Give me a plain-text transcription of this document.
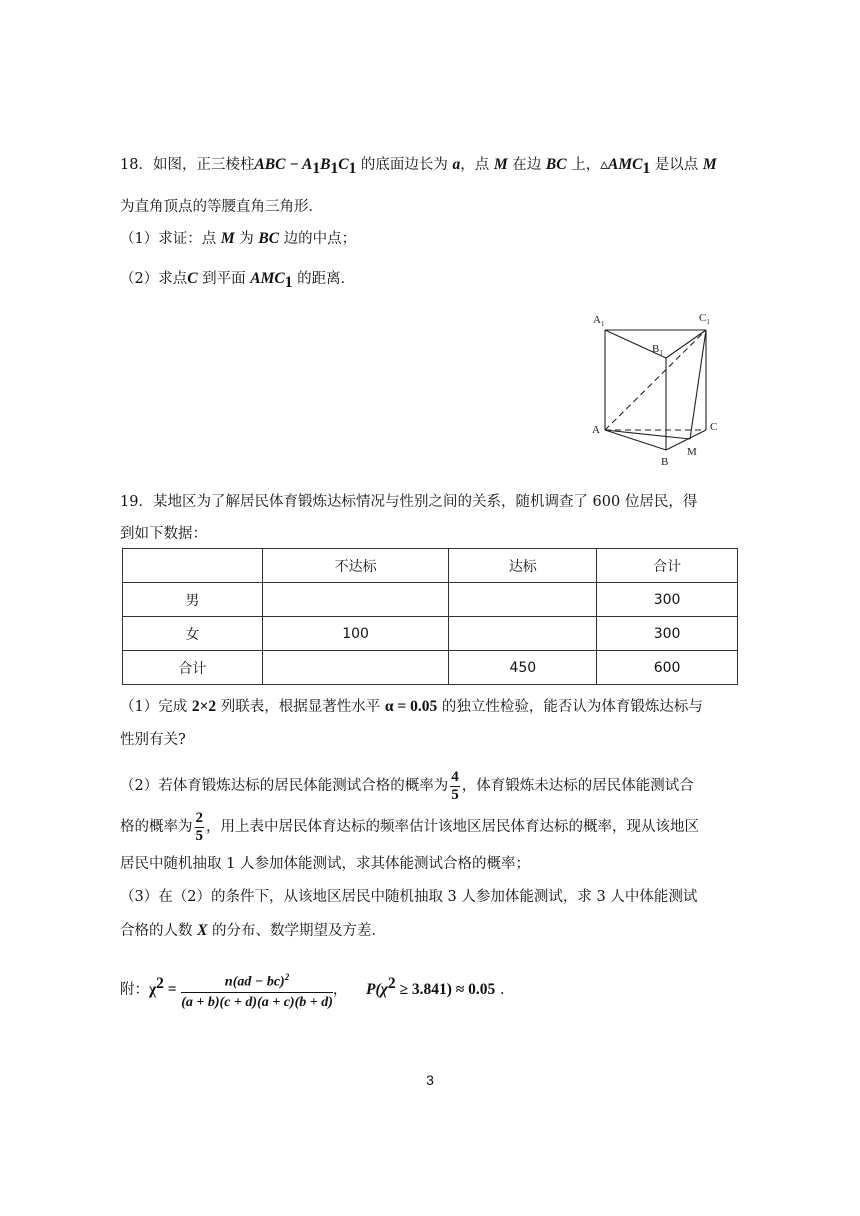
18．如图，正三棱柱ABC − $A_1B_1C_1$ 的底面边长为 a，点 M 在边 BC 上，$▵AMC_1$ 是以点 M
为直角顶点的等腰直角三角形．
（1）求证：点 M 为 BC 边的中点；
（2）求点C 到平面 $AMC_1$ 的距离．
$A_1$
$B_1$
$C_1$
A
B
C
M
19．某地区为了解居民体育锻炼达标情况与性别之间的关系，随机调查了 600 位居民，得
到如下数据：
	不达标	达标	合计
男			300
女	100		300
合计		450	600
（1）完成 2×2 列联表，根据显著性水平 α = 0.05 的独立性检验，能否认为体育锻炼达标与
性别有关?
（2）若体育锻炼达标的居民体能测试合格的概率为 $\frac{4}{5}$ ，体育锻炼未达标的居民体能测试合
格的概率为 $\frac{2}{5}$ ，用上表中居民体育达标的频率估计该地区居民体育达标的概率，现从该地区
居民中随机抽取 1 人参加体能测试，求其体能测试合格的概率；
（3）在（2）的条件下，从该地区居民中随机抽取 3 人参加体能测试，求 3 人中体能测试
合格的人数 X 的分布、数学期望及方差．
附：$\chi^2 = \frac{n(ad - bc)^2}{(a + b)(c + d)(a + c)(b + d)}$， $P(\chi^2 \ge 3.841) \approx 0.05$ .
3
